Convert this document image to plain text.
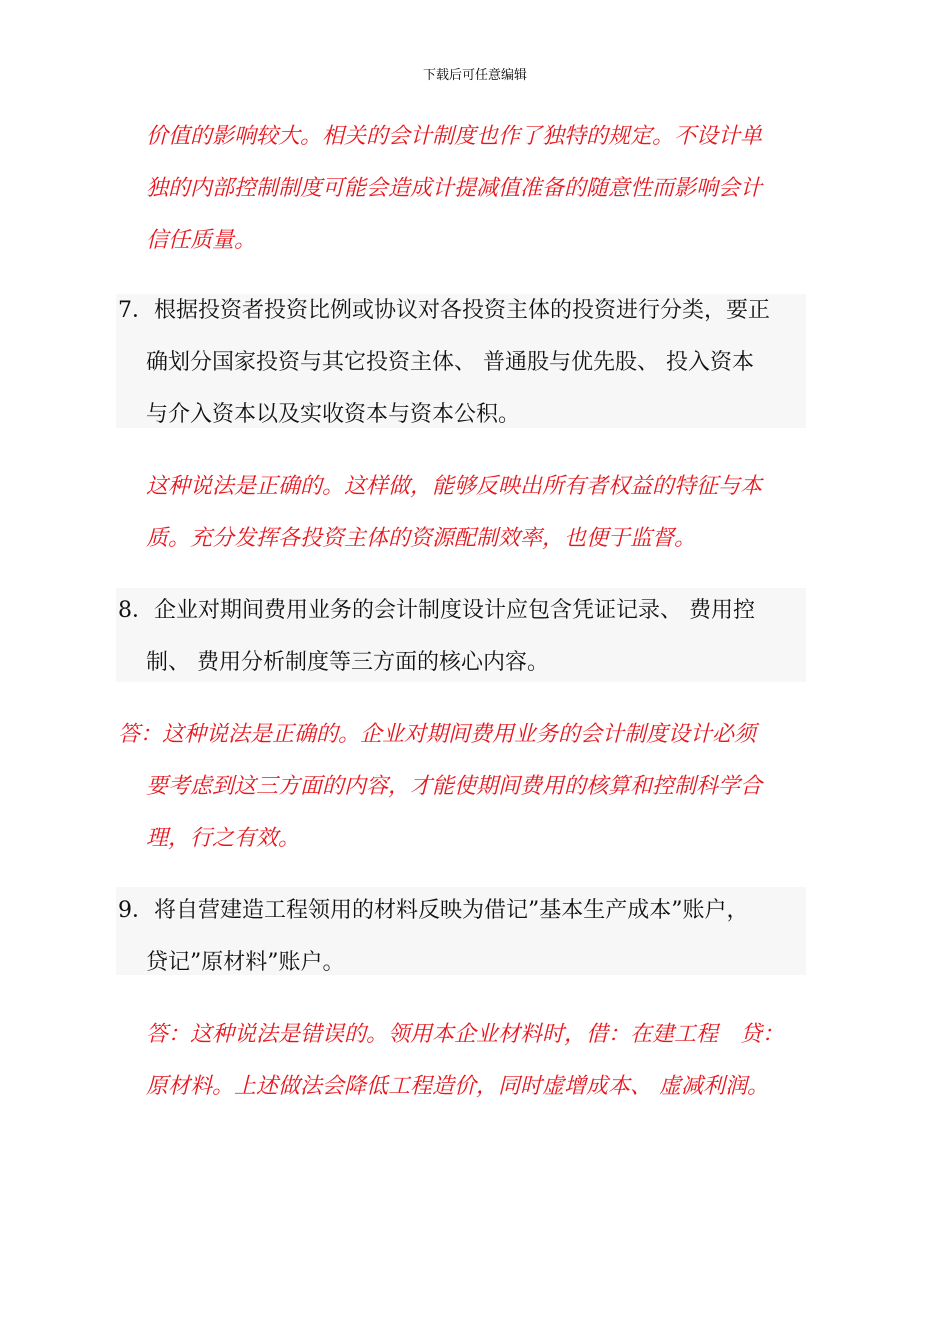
下载后可任意编辑
价值的影响较大。相关的会计制度也作了独特的规定。不设计单
独的内部控制制度可能会造成计提减值准备的随意性而影响会计
信任质量。
7．根据投资者投资比例或协议对各投资主体的投资进行分类，要正
确划分国家投资与其它投资主体、 普通股与优先股、 投入资本
与介入资本以及实收资本与资本公积。
这种说法是正确的。这样做，能够反映出所有者权益的特征与本
质。充分发挥各投资主体的资源配制效率，也便于监督。
8．企业对期间费用业务的会计制度设计应包含凭证记录、 费用控
制、 费用分析制度等三方面的核心内容。
答：这种说法是正确的。企业对期间费用业务的会计制度设计必须
要考虑到这三方面的内容，才能使期间费用的核算和控制科学合
理，行之有效。
9．将自营建造工程领用的材料反映为借记”基本生产成本”账户，
贷记”原材料”账户。
答：这种说法是错误的。领用本企业材料时，借：在建工程　贷：
原材料。上述做法会降低工程造价，同时虚增成本、 虚减利润。
